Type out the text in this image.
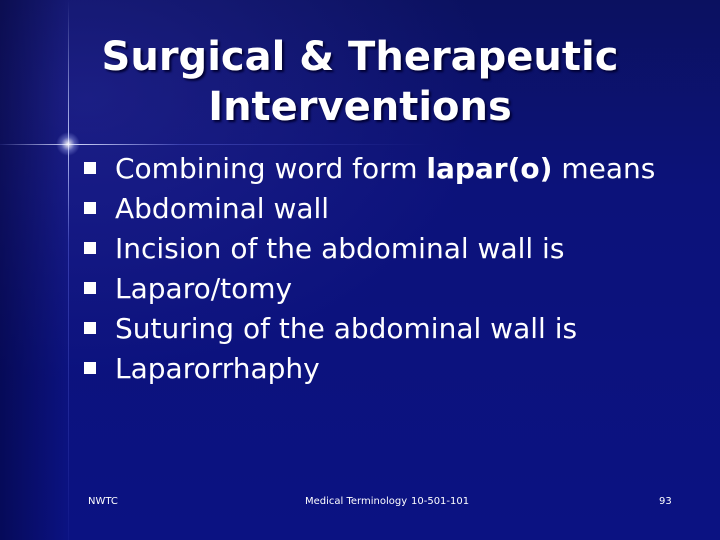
Surgical & Therapeutic
Interventions
Combining word form lapar(o) means
Abdominal wall
Incision of the abdominal wall is
Laparo/tomy
Suturing of the abdominal wall is
Laparorrhaphy
NWTC	Medical Terminology 10-501-101	93
